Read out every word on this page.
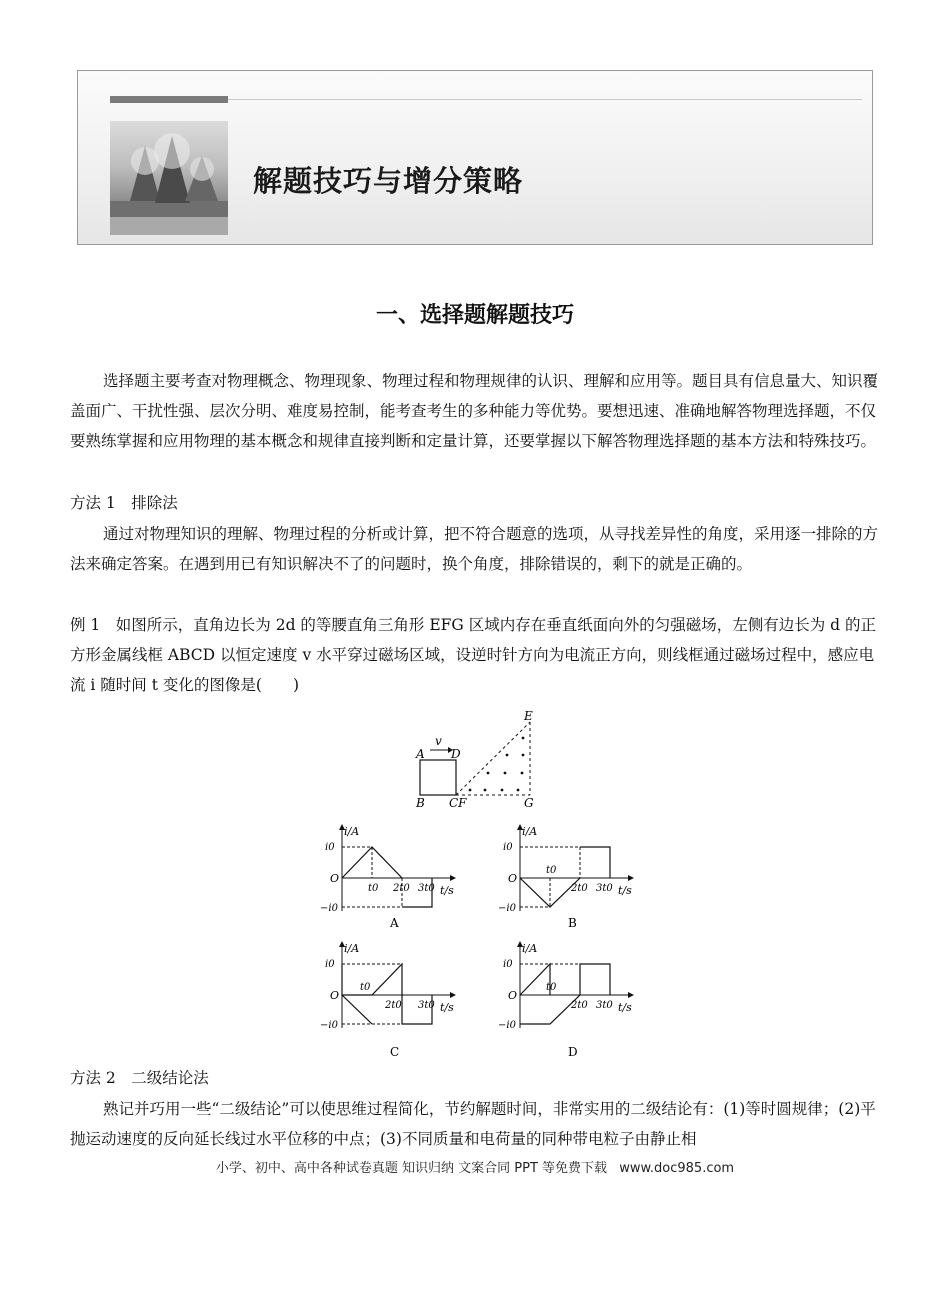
解题技巧与增分策略
一、选择题解题技巧

选择题主要考查对物理概念、物理现象、物理过程和物理规律的认识、理解和应用等。题目具有信息量大、知识覆盖面广、干扰性强、层次分明、难度易控制，能考查考生的多种能力等优势。要想迅速、准确地解答物理选择题，不仅要熟练掌握和应用物理的基本概念和规律直接判断和定量计算，还要掌握以下解答物理选择题的基本方法和特殊技巧。

方法 1　排除法

通过对物理知识的理解、物理过程的分析或计算，把不符合题意的选项，从寻找差异性的角度，采用逐一排除的方法来确定答案。在遇到用已有知识解决不了的问题时，换个角度，排除错误的，剩下的就是正确的。

例 1　如图所示，直角边长为 2d 的等腰直角三角形 EFG 区域内存在垂直纸面向外的匀强磁场，左侧有边长为 d 的正方形金属线框 ABCD 以恒定速度 v 水平穿过磁场区域，设逆时针方向为电流正方向，则线框通过磁场过程中，感应电流 i 随时间 t 变化的图像是(　　)

v
A D
B CF
E
G
i/A
t/s
O
i0
−i0
t0 2t0 3t0
A
i/A
t/s
O
i0
−i0
t0
2t0 3t0
B
i/A
t/s
O
i0
−i0
t0
2t0 3t0
C
i/A
t/s
O
i0
−i0
t0
2t0 3t0
D
方法 2　二级结论法

熟记并巧用一些“二级结论”可以使思维过程简化，节约解题时间，非常实用的二级结论有：(1)等时圆规律；(2)平抛运动速度的反向延长线过水平位移的中点；(3)不同质量和电荷量的同种带电粒子由静止相

小学、初中、高中各种试卷真题 知识归纳 文案合同 PPT 等免费下载 www.doc985.com
